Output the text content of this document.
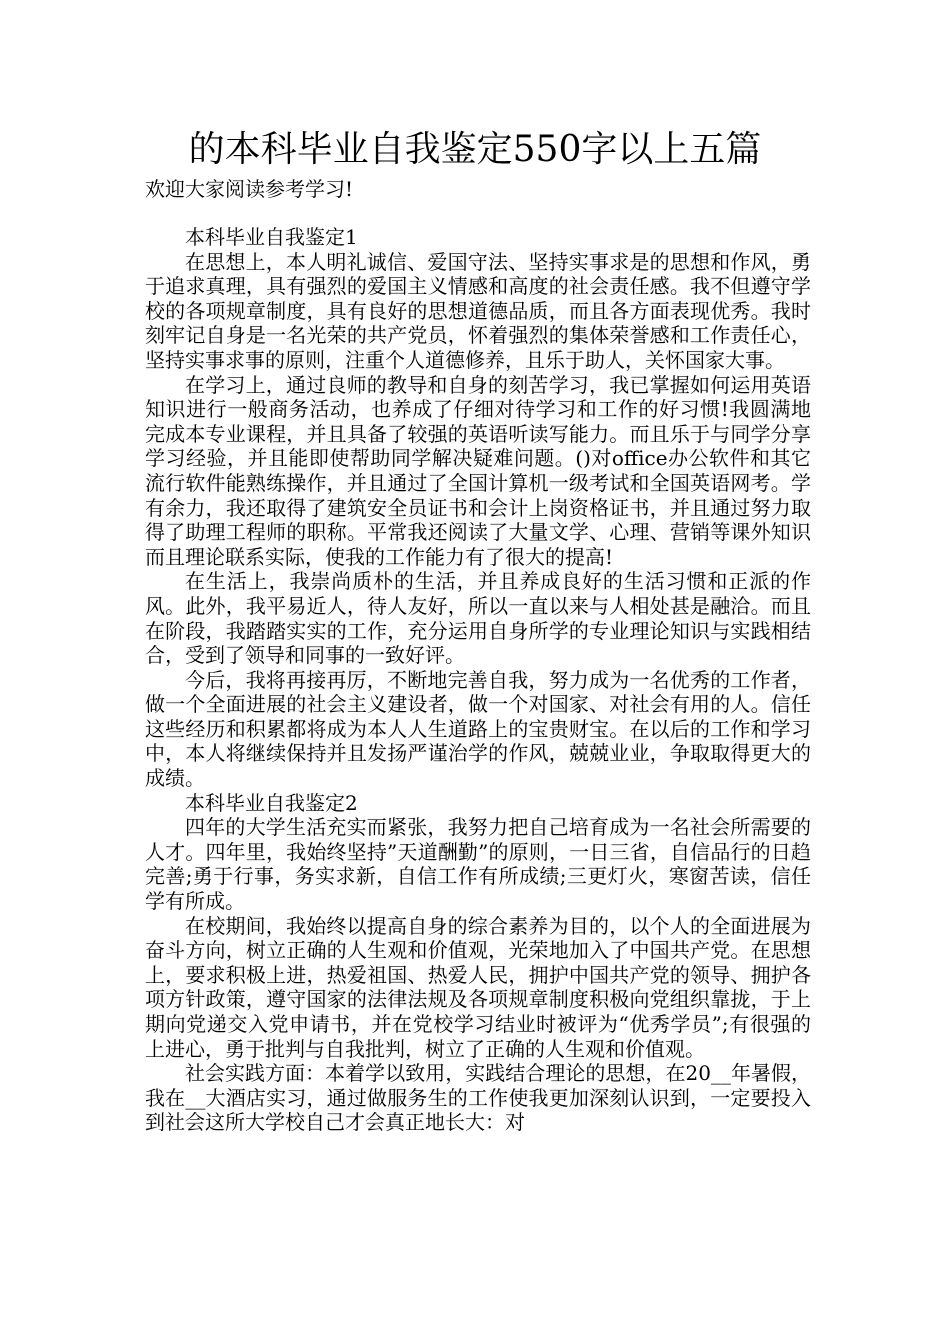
的本科毕业自我鉴定550字以上五篇
欢迎大家阅读参考学习!

本科毕业自我鉴定1

在思想上，本人明礼诚信、爱国守法、坚持实事求是的思想和作风，勇于追求真理，具有强烈的爱国主义情感和高度的社会责任感。我不但遵守学校的各项规章制度，具有良好的思想道德品质，而且各方面表现优秀。我时刻牢记自身是一名光荣的共产党员，怀着强烈的集体荣誉感和工作责任心，坚持实事求事的原则，注重个人道德修养，且乐于助人，关怀国家大事。

在学习上，通过良师的教导和自身的刻苦学习，我已掌握如何运用英语知识进行一般商务活动，也养成了仔细对待学习和工作的好习惯!我圆满地完成本专业课程，并且具备了较强的英语听读写能力。而且乐于与同学分享学习经验，并且能即使帮助同学解决疑难问题。()对office办公软件和其它流行软件能熟练操作，并且通过了全国计算机一级考试和全国英语网考。学有余力，我还取得了建筑安全员证书和会计上岗资格证书，并且通过努力取得了助理工程师的职称。平常我还阅读了大量文学、心理、营销等课外知识而且理论联系实际，使我的工作能力有了很大的提高!

在生活上，我崇尚质朴的生活，并且养成良好的生活习惯和正派的作风。此外，我平易近人，待人友好，所以一直以来与人相处甚是融洽。而且在阶段，我踏踏实实的工作，充分运用自身所学的专业理论知识与实践相结合，受到了领导和同事的一致好评。

今后，我将再接再厉，不断地完善自我，努力成为一名优秀的工作者，做一个全面进展的社会主义建设者，做一个对国家、对社会有用的人。信任这些经历和积累都将成为本人人生道路上的宝贵财宝。在以后的工作和学习中，本人将继续保持并且发扬严谨治学的作风，兢兢业业，争取取得更大的成绩。

本科毕业自我鉴定2

四年的大学生活充实而紧张，我努力把自己培育成为一名社会所需要的人才。四年里，我始终坚持”天道酬勤”的原则，一日三省，自信品行的日趋完善;勇于行事，务实求新，自信工作有所成绩;三更灯火，寒窗苦读，信任学有所成。

在校期间，我始终以提高自身的综合素养为目的，以个人的全面进展为奋斗方向，树立正确的人生观和价值观，光荣地加入了中国共产党。在思想上，要求积极上进，热爱祖国、热爱人民，拥护中国共产党的领导、拥护各项方针政策，遵守国家的法律法规及各项规章制度积极向党组织靠拢，于上期向党递交入党申请书，并在党校学习结业时被评为“优秀学员”;有很强的上进心，勇于批判与自我批判，树立了正确的人生观和价值观。

社会实践方面：本着学以致用，实践结合理论的思想，在20__年暑假，我在__大酒店实习，通过做服务生的工作使我更加深刻认识到，一定要投入到社会这所大学校自己才会真正地长大：对
